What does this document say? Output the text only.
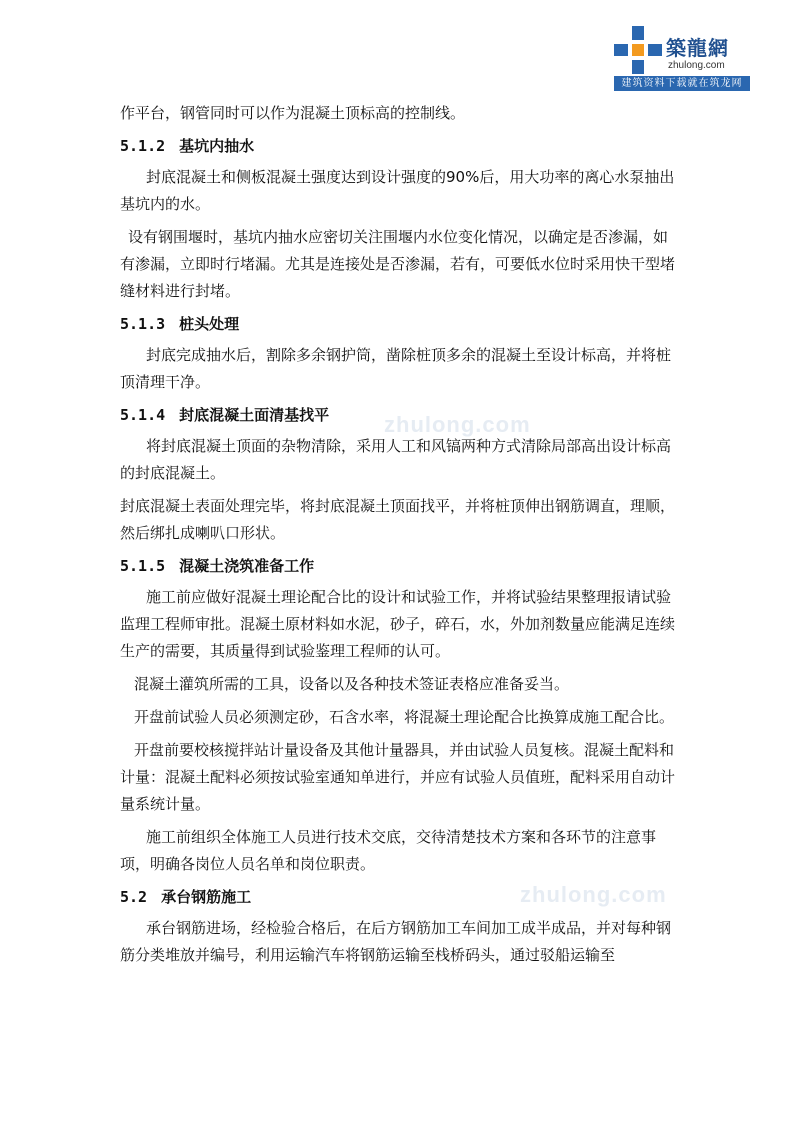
築龍網
zhulong.com
建筑资料下载就在筑龙网
zhulong.com
zhulong.com

作平台，钢管同时可以作为混凝土顶标高的控制线。

5.1.2 基坑内抽水

封底混凝土和侧板混凝土强度达到设计强度的90%后，用大功率的离心水泵抽出基坑内的水。

设有钢围堰时，基坑内抽水应密切关注围堰内水位变化情况，以确定是否渗漏，如有渗漏，立即时行堵漏。尤其是连接处是否渗漏，若有，可要低水位时采用快干型堵缝材料进行封堵。

5.1.3 桩头处理

封底完成抽水后，割除多余钢护筒，凿除桩顶多余的混凝土至设计标高，并将桩顶清理干净。

5.1.4 封底混凝土面清基找平

将封底混凝土顶面的杂物清除，采用人工和风镐两种方式清除局部高出设计标高的封底混凝土。

封底混凝土表面处理完毕，将封底混凝土顶面找平，并将桩顶伸出钢筋调直，理顺，然后绑扎成喇叭口形状。

5.1.5 混凝土浇筑准备工作

施工前应做好混凝土理论配合比的设计和试验工作，并将试验结果整理报请试验监理工程师审批。混凝土原材料如水泥，砂子，碎石，水，外加剂数量应能满足连续生产的需要，其质量得到试验鉴理工程师的认可。

混凝土灌筑所需的工具，设备以及各种技术签证表格应准备妥当。

开盘前试验人员必须测定砂，石含水率，将混凝土理论配合比换算成施工配合比。

开盘前要校核搅拌站计量设备及其他计量器具，并由试验人员复核。混凝土配料和计量：混凝土配料必须按试验室通知单进行，并应有试验人员值班，配料采用自动计量系统计量。

施工前组织全体施工人员进行技术交底，交待清楚技术方案和各环节的注意事项，明确各岗位人员名单和岗位职责。

5.2 承台钢筋施工

承台钢筋进场，经检验合格后，在后方钢筋加工车间加工成半成品，并对每种钢筋分类堆放并编号，利用运输汽车将钢筋运输至栈桥码头，通过驳船运输至
